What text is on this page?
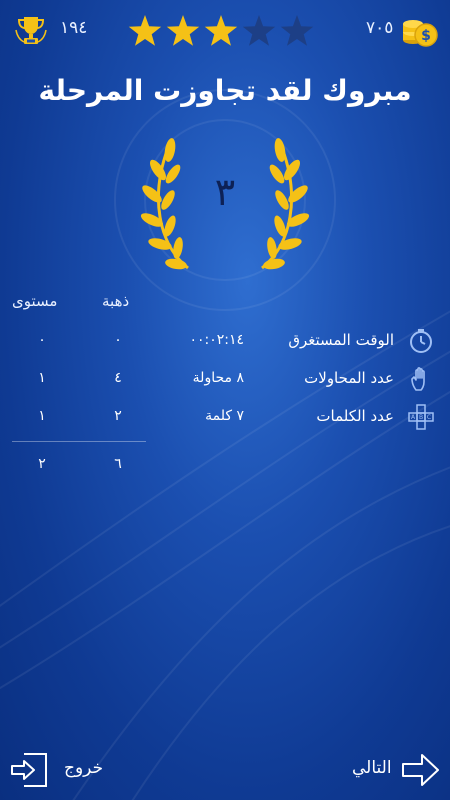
١٩٤	٧٠٥ $
مبروك لقد تجاوزت المرحلة
٣
ذهبة
مستوى
الوقت المستغرق
٠٠:٠٢:١٤
٠
٠
عدد المحاولات
٨ محاولة
٤
١
A B C
عدد الكلمات
٧ كلمة
٢
١
٦
٢
خروج	التالي
